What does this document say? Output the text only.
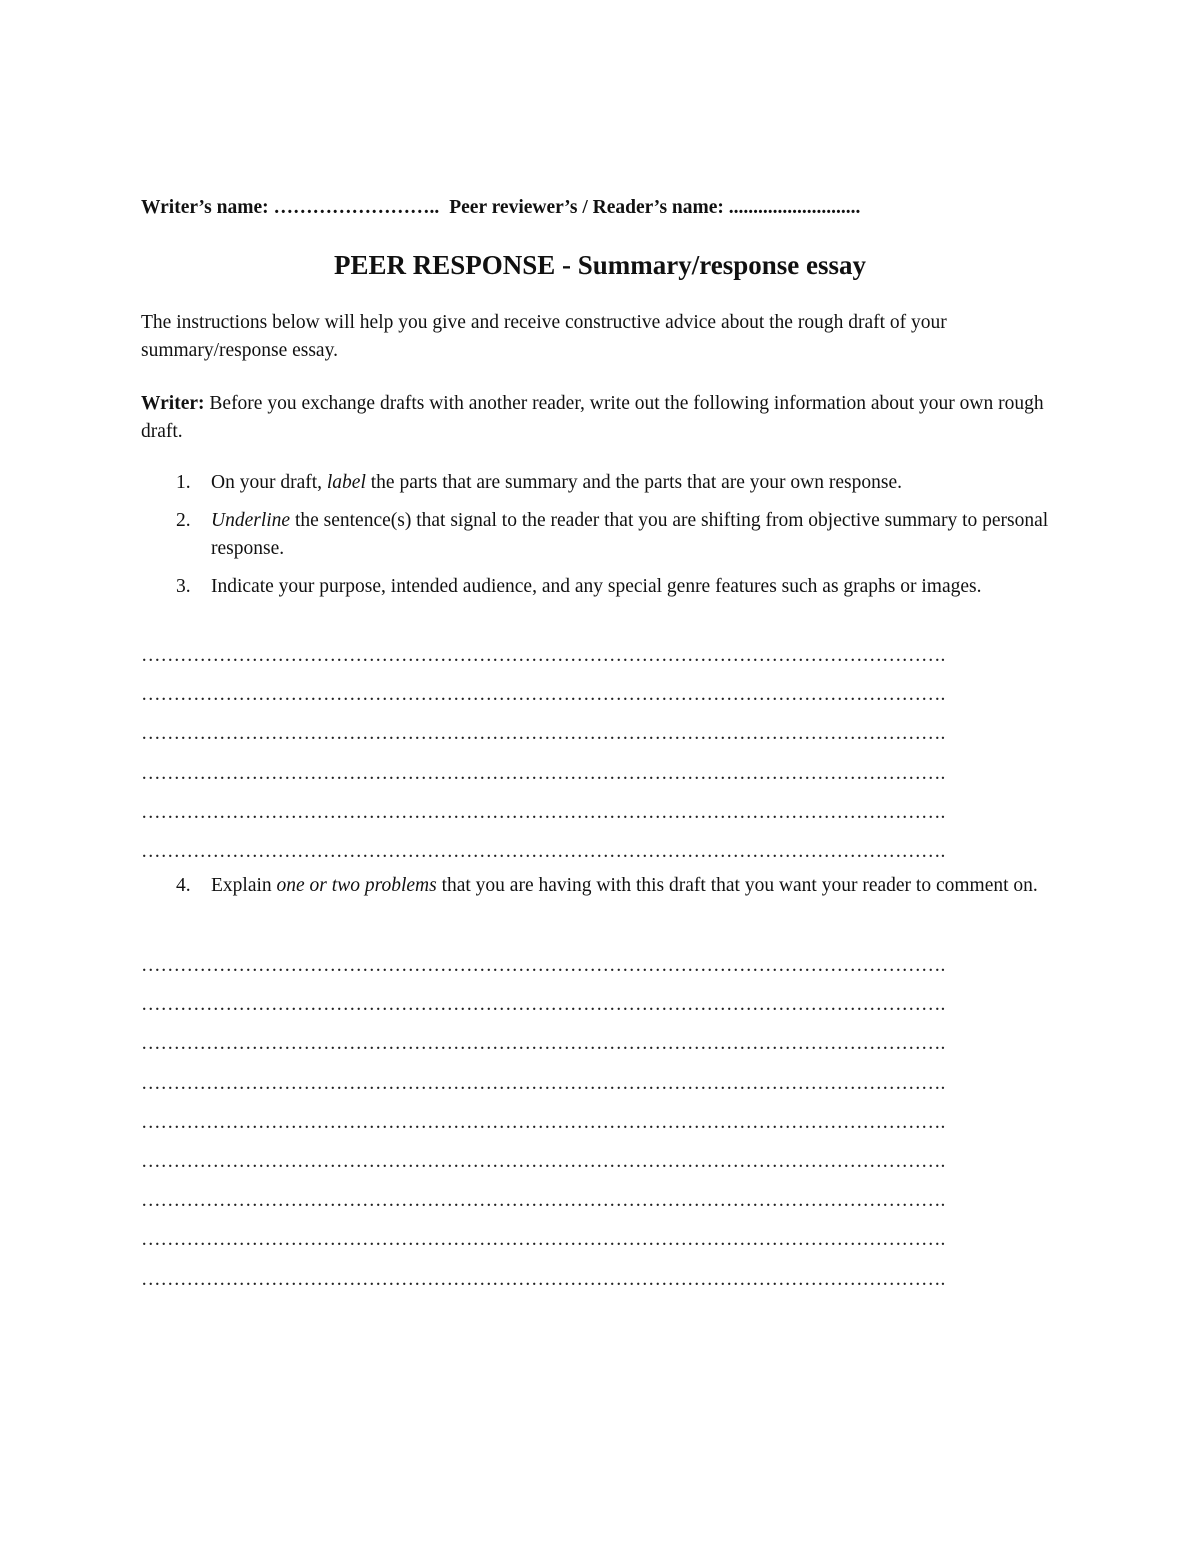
Writer’s name: …………………….. Peer reviewer’s / Reader’s name: ...........................
PEER RESPONSE - Summary/response essay
The instructions below will help you give and receive constructive advice about the rough draft of your summary/response essay.
Writer: Before you exchange drafts with another reader, write out the following information about your own rough draft.
1.	On your draft, label the parts that are summary and the parts that are your own response.
2.	Underline the sentence(s) that signal to the reader that you are shifting from objective summary to personal response.
3.	Indicate your purpose, intended audience, and any special genre features such as graphs or images.
…………………………………………………………………………………………………………….
…………………………………………………………………………………………………………….
…………………………………………………………………………………………………………….
…………………………………………………………………………………………………………….
…………………………………………………………………………………………………………….
…………………………………………………………………………………………………………….
4.	Explain one or two problems that you are having with this draft that you want your reader to comment on.
…………………………………………………………………………………………………………….
…………………………………………………………………………………………………………….
…………………………………………………………………………………………………………….
…………………………………………………………………………………………………………….
…………………………………………………………………………………………………………….
…………………………………………………………………………………………………………….
…………………………………………………………………………………………………………….
…………………………………………………………………………………………………………….
…………………………………………………………………………………………………………….
